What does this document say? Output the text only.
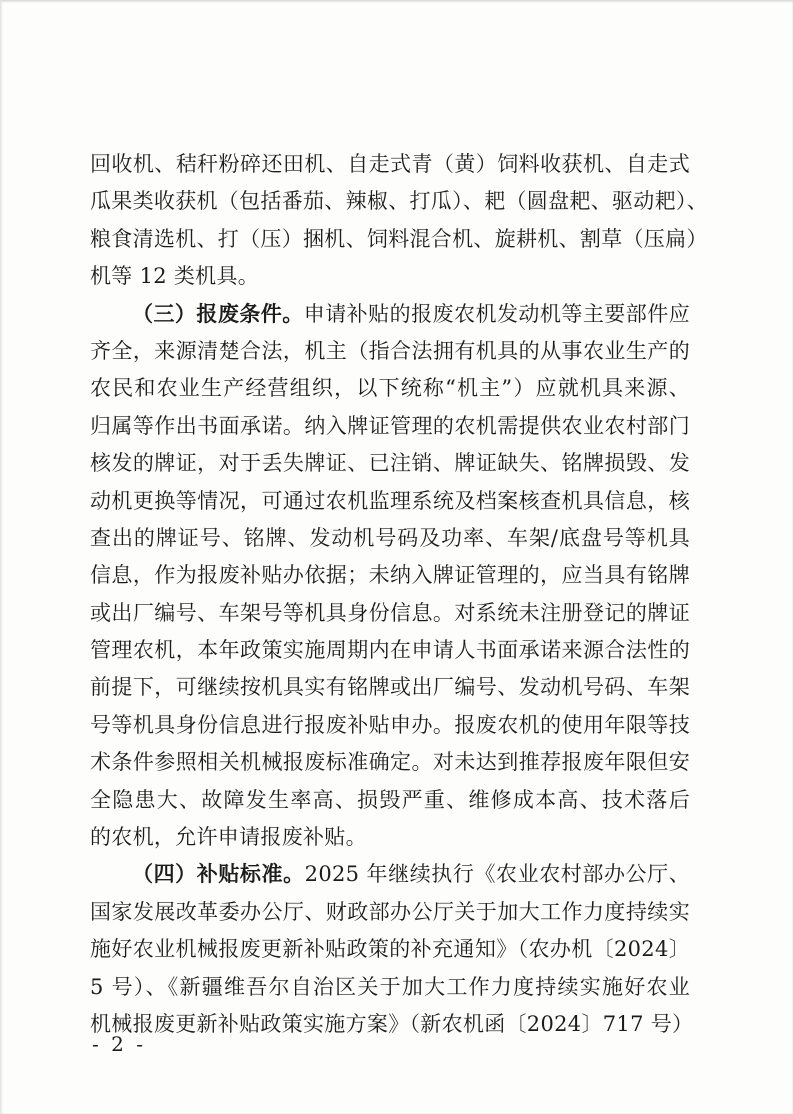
回收机、秸秆粉碎还田机、自走式青（黄）饲料收获机、自走式
瓜果类收获机（包括番茄、辣椒、打瓜）、耙（圆盘耙、驱动耙）、
粮食清选机、打（压）捆机、饲料混合机、旋耕机、割草（压扁）
机等 12 类机具。
（三）报废条件。申请补贴的报废农机发动机等主要部件应
齐全，来源清楚合法，机主（指合法拥有机具的从事农业生产的
农民和农业生产经营组织，以下统称“机主”）应就机具来源、
归属等作出书面承诺。纳入牌证管理的农机需提供农业农村部门
核发的牌证，对于丢失牌证、已注销、牌证缺失、铭牌损毁、发
动机更换等情况，可通过农机监理系统及档案核查机具信息，核
查出的牌证号、铭牌、发动机号码及功率、车架/底盘号等机具
信息，作为报废补贴办依据；未纳入牌证管理的，应当具有铭牌
或出厂编号、车架号等机具身份信息。对系统未注册登记的牌证
管理农机，本年政策实施周期内在申请人书面承诺来源合法性的
前提下，可继续按机具实有铭牌或出厂编号、发动机号码、车架
号等机具身份信息进行报废补贴申办。报废农机的使用年限等技
术条件参照相关机械报废标准确定。对未达到推荐报废年限但安
全隐患大、故障发生率高、损毁严重、维修成本高、技术落后
的农机，允许申请报废补贴。
（四）补贴标准。2025 年继续执行《农业农村部办公厅、
国家发展改革委办公厅、财政部办公厅关于加大工作力度持续实
施好农业机械报废更新补贴政策的补充通知》（农办机〔2024〕
5 号）、《新疆维吾尔自治区关于加大工作力度持续实施好农业
机械报废更新补贴政策实施方案》（新农机函〔2024〕717 号）
- 2 -
